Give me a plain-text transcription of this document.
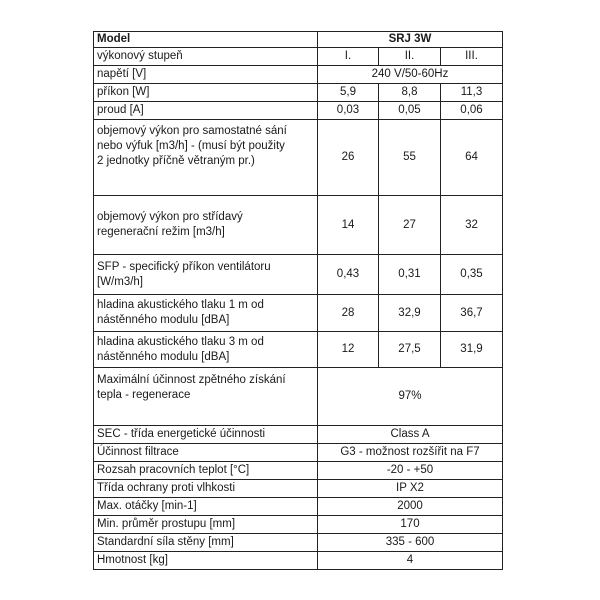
Model	SRJ 3W		
výkonový stupeň	I.	II.	III.
napětí [V]	240 V/50-60Hz		
příkon [W]	5,9	8,8	11,3
proud [A]	0,03	0,05	0,06

objemový výkon pro samostatné sání
nebo výfuk [m3/h] - (musí být použity
2 jednotky příčně větraným pr.)	26	55	64

objemový výkon pro střídavý
regenerační režim [m3/h]	14	27	32

SFP - specifický příkon ventilátoru
[W/m3/h]	0,43	0,31	0,35

hladina akustického tlaku 1 m od
nástěnného modulu [dBA]	28	32,9	36,7

hladina akustického tlaku 3 m od
nástěnného modulu [dBA]	12	27,5	31,9

Maximální účinnost zpětného získání
tepla - regenerace	97%		
SEC - třída energetické účinnosti	Class A		
Účinnost filtrace	G3 - možnost rozšířit na F7		
Rozsah pracovních teplot [°C]	-20 - +50		
Třída ochrany proti vlhkosti	IP X2		
Max. otáčky [min-1]	2000		
Min. průměr prostupu [mm]	170		
Standardní síla stěny [mm]	335 - 600		
Hmotnost [kg]	4		
